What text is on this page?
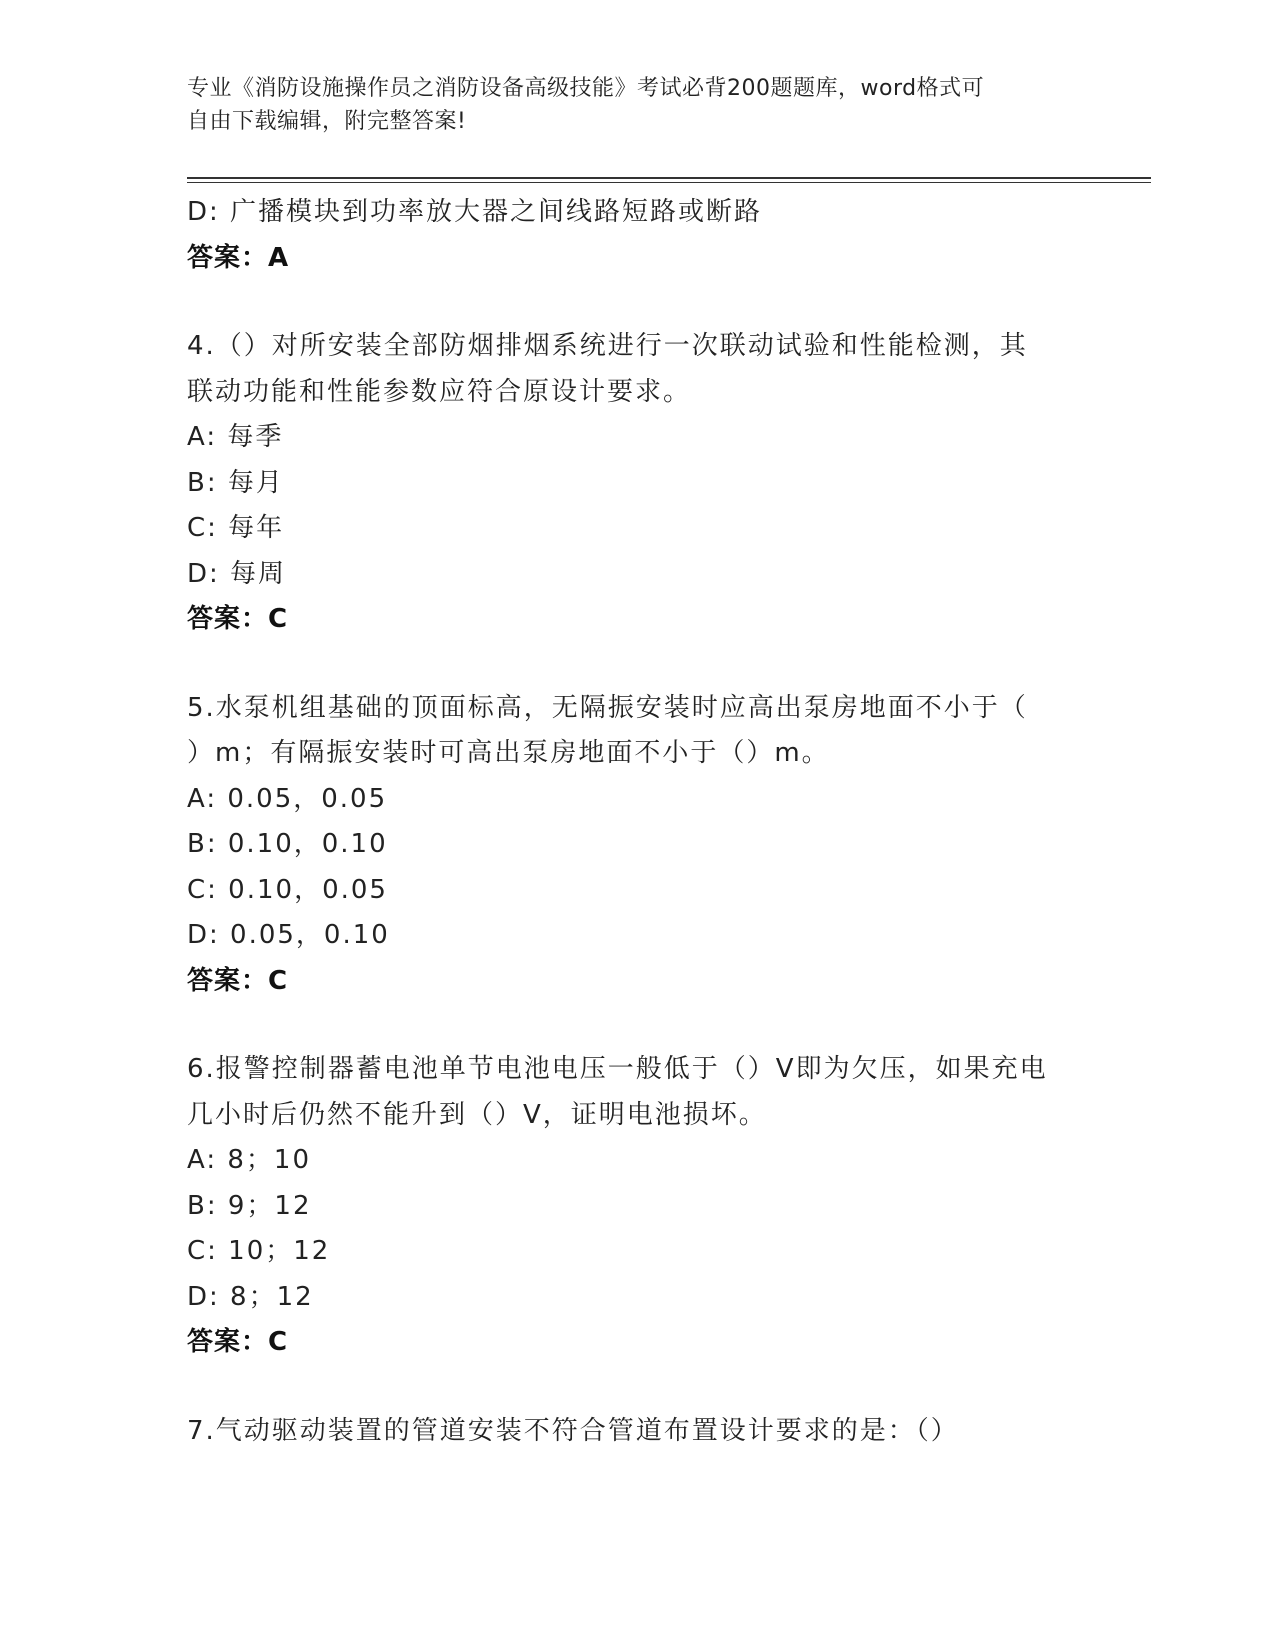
专业《消防设施操作员之消防设备高级技能》考试必背200题题库，word格式可
自由下载编辑，附完整答案!
D: 广播模块到功率放大器之间线路短路或断路
答案：A
4.（）对所安装全部防烟排烟系统进行一次联动试验和性能检测，其
联动功能和性能参数应符合原设计要求。
A: 每季
B: 每月
C: 每年
D: 每周
答案：C
5.水泵机组基础的顶面标高，无隔振安装时应高出泵房地面不小于（
）m；有隔振安装时可高出泵房地面不小于（）m。
A: 0.05，0.05
B: 0.10，0.10
C: 0.10，0.05
D: 0.05，0.10
答案：C
6.报警控制器蓄电池单节电池电压一般低于（）V即为欠压，如果充电
几小时后仍然不能升到（）V，证明电池损坏。
A: 8；10
B: 9；12
C: 10；12
D: 8；12
答案：C
7.气动驱动装置的管道安装不符合管道布置设计要求的是：（）
